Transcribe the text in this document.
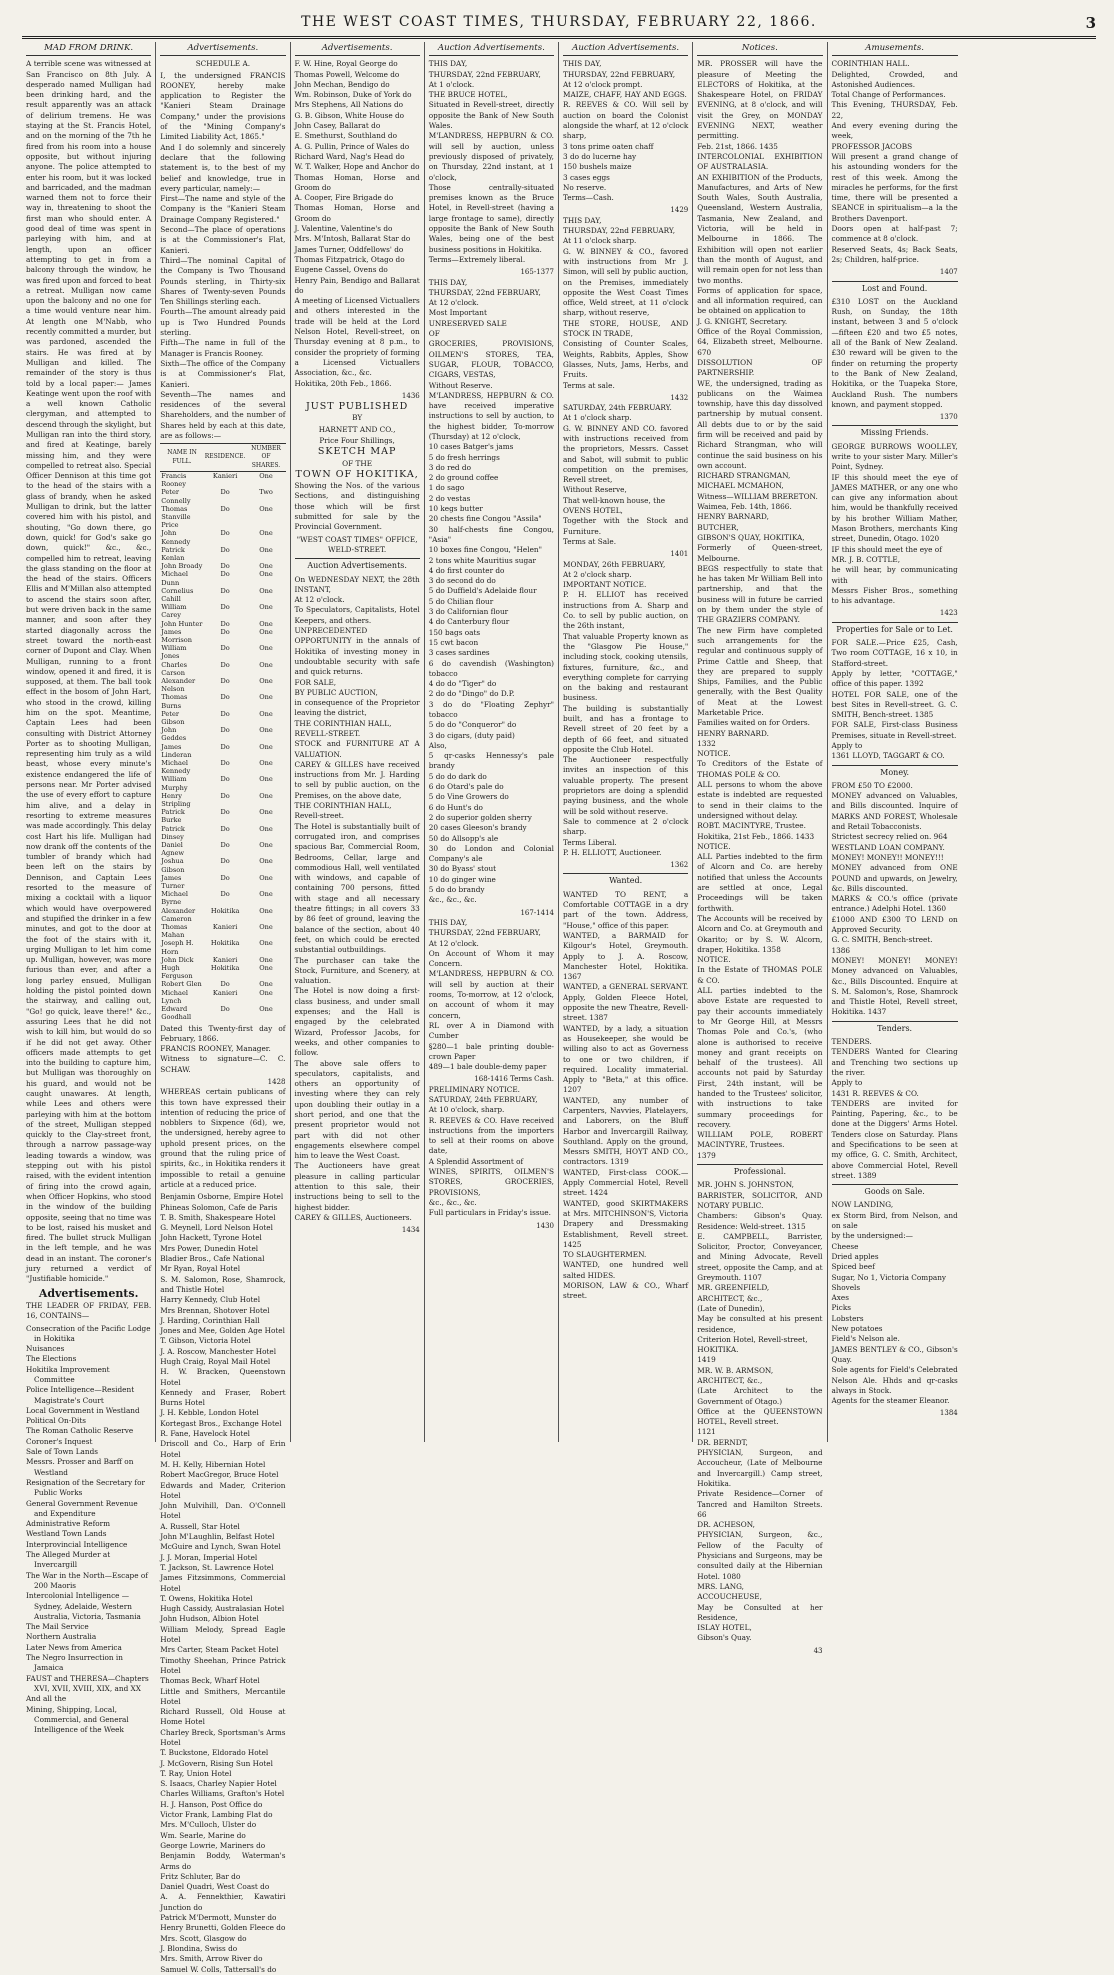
THE WEST COAST TIMES, THURSDAY, FEBRUARY 22, 1866.	3
MAD FROM DRINK.
A terrible scene was witnessed at San Francisco on 8th July. A desperado named Mulligan had been drinking hard, and the result apparently was an attack of delirium tremens. He was staying at the St. Francis Hotel, and on the morning of the 7th he fired from his room into a house opposite, but without injuring anyone. The police attempted to enter his room, but it was locked and barricaded, and the madman warned them not to force their way in, threatening to shoot the first man who should enter. A good deal of time was spent in parleying with him, and at length, upon an officer attempting to get in from a balcony through the window, he was fired upon and forced to beat a retreat. Mulligan now came upon the balcony and no one for a time would venture near him. At length one M'Nabb, who recently committed a murder, but was pardoned, ascended the stairs. He was fired at by Mulligan and killed. The remainder of the story is thus told by a local paper:— James Keatinge went upon the roof with a well known Catholic clergyman, and attempted to descend through the skylight, but Mulligan ran into the third story, and fired at Keatinge, barely missing him, and they were compelled to retreat also. Special Officer Dennison at this time got to the head of the stairs with a glass of brandy, when he asked Mulligan to drink, but the latter covered him with his pistol, and shouting, "Go down there, go down, quick! for God's sake go down, quick!" &c., &c., compelled him to retreat, leaving the glass standing on the floor at the head of the stairs. Officers Ellis and M'Millan also attempted to ascend the stairs soon after, but were driven back in the same manner, and soon after they started diagonally across the street toward the north-east corner of Dupont and Clay. When Mulligan, running to a front window, opened it and fired, it is supposed, at them. The ball took effect in the bosom of John Hart, who stood in the crowd, killing him on the spot. Meantime, Captain Lees had been consulting with District Attorney Porter as to shooting Mulligan, representing him truly as a wild beast, whose every minute's existence endangered the life of persons near. Mr Porter advised the use of every effort to capture him alive, and a delay in resorting to extreme measures was made accordingly. This delay cost Hart his life. Mulligan had now drank off the contents of the tumbler of brandy which had been left on the stairs by Dennison, and Captain Lees resorted to the measure of mixing a cocktail with a liquor which would have overpowered and stupified the drinker in a few minutes, and got to the door at the foot of the stairs with it, urging Mulligan to let him come up. Mulligan, however, was more furious than ever, and after a long parley ensued, Mulligan holding the pistol pointed down the stairway, and calling out, "Go! go quick, leave there!" &c., assuring Lees that he did not wish to kill him, but would do so if he did not get away. Other officers made attempts to get into the building to capture him, but Mulligan was thoroughly on his guard, and would not be caught unawares. At length, while Lees and others were parleying with him at the bottom of the street, Mulligan stepped quickly to the Clay-street front, through a narrow passage-way leading towards a window, was stepping out with his pistol raised, with the evident intention of firing into the crowd again, when Officer Hopkins, who stood in the window of the building opposite, seeing that no time was to be lost, raised his musket and fired. The bullet struck Mulligan in the left temple, and he was dead in an instant. The coroner's jury returned a verdict of "Justifiable homicide."
Advertisements.
THE LEADER OF FRIDAY, FEB. 16, CONTAINS—
Consecration of the Pacific Lodge in Hokitika
Nuisances
The Elections
Hokitika Improvement Committee
Police Intelligence—Resident Magistrate's Court
Local Government in Westland
Political On-Dits
The Roman Catholic Reserve
Coroner's Inquest
Sale of Town Lands
Messrs. Prosser and Barff on Westland
Resignation of the Secretary for Public Works
General Government Revenue and Expenditure
Administrative Reform
Westland Town Lands
Interprovincial Intelligence
The Alleged Murder at Invercargill
The War in the North—Escape of 200 Maoris
Intercolonial Intelligence — Sydney, Adelaide, Western Australia, Victoria, Tasmania
The Mail Service
Northern Australia
Later News from America
The Negro Insurrection in Jamaica
FAUST and THERESA—Chapters XVI, XVII, XVIII, XIX, and XX
And all the
Mining, Shipping, Local, Commercial, and General Intelligence of the Week
Advertisements.
SCHEDULE A.
I, the undersigned FRANCIS ROONEY, hereby make application to Register the "Kanieri Steam Drainage Company," under the provisions of the "Mining Company's Limited Liability Act, 1865."
And I do solemnly and sincerely declare that the following statement is, to the best of my belief and knowledge, true in every particular, namely:—
First—The name and style of the Company is the "Kanieri Steam Drainage Company Registered."
Second—The place of operations is at the Commissioner's Flat, Kanieri.
Third—The nominal Capital of the Company is Two Thousand Pounds sterling, in Thirty-six Shares of Twenty-seven Pounds Ten Shillings sterling each.
Fourth—The amount already paid up is Two Hundred Pounds sterling.
Fifth—The name in full of the Manager is Francis Rooney.
Sixth—The office of the Company is at Commissioner's Flat, Kanieri.
Seventh—The names and residences of the several Shareholders, and the number of Shares held by each at this date, are as follows:—
NAME IN FULL.	RESIDENCE.	NUMBER OF SHARES.
Francis Rooney	Kanieri	One
Peter Connelly	Do	Two
Thomas Stanville Price	Do	One
John Kennedy	Do	One
Patrick Kenlan	Do	One
John Broady	Do	One
Michael Dunn	Do	One
Cornelius Cahill	Do	One
William Carey	Do	One
John Hunter	Do	One
James Morrison	Do	One
William Jones	Do	One
Charles Carson	Do	One
Alexander Nelson	Do	One
Thomas Burns	Do	One
Peter Gibson	Do	One
John Geddes	Do	One
James Linderan	Do	One
Michael Kennedy	Do	One
William Murphy	Do	One
Henry Stripling	Do	One
Patrick Burke	Do	One
Patrick Dinsey	Do	One
Daniel Agnew	Do	One
Joshua Gibson	Do	One
James Turner	Do	One
Michael Byrne	Do	One
Alexander Cameron	Hokitika	One
Thomas Mahan	Kanieri	One
Joseph H. Horn	Hokitika	One
John Dick	Kanieri	One
Hugh Ferguson	Hokitika	One
Robert Glen	Do	One
Michael Lynch	Kanieri	One
Edward Goodhall	Do	One
Dated this Twenty-first day of February, 1866.
FRANCIS ROONEY, Manager.
Witness to signature—C. C. SCHAW.
1428
WHEREAS certain publicans of this town have expressed their intention of reducing the price of nobblers to Sixpence (6d), we, the undersigned, hereby agree to uphold present prices, on the ground that the ruling price of spirits, &c., in Hokitika renders it impossible to retail a genuine article at a reduced price.
Benjamin Osborne, Empire Hotel
Phineas Solomon, Cafe de Paris
T. B. Smith, Shakespeare Hotel
G. Meynell, Lord Nelson Hotel
John Hackett, Tyrone Hotel
Mrs Power, Dunedin Hotel
Bladier Bros., Cafe National
Mr Ryan, Royal Hotel
S. M. Salomon, Rose, Shamrock, and Thistle Hotel
Harry Kennedy, Club Hotel
Mrs Brennan, Shotover Hotel
J. Harding, Corinthian Hall
Jones and Mee, Golden Age Hotel
T. Gibson, Victoria Hotel
J. A. Roscow, Manchester Hotel
Hugh Craig, Royal Mail Hotel
H. W. Bracken, Queenstown Hotel
Kennedy and Fraser, Robert Burns Hotel
J. H. Kebble, London Hotel
Kortegast Bros., Exchange Hotel
R. Fane, Havelock Hotel
Driscoll and Co., Harp of Erin Hotel
M. H. Kelly, Hibernian Hotel
Robert MacGregor, Bruce Hotel
Edwards and Mader, Criterion Hotel
John Mulvihill, Dan. O'Connell Hotel
A. Russell, Star Hotel
John M'Laughlin, Belfast Hotel
McGuire and Lynch, Swan Hotel
J. J. Moran, Imperial Hotel
T. Jackson, St. Lawrence Hotel
James Fitzsimmons, Commercial Hotel
T. Owens, Hokitika Hotel
Hugh Cassidy, Australasian Hotel
John Hudson, Albion Hotel
William Melody, Spread Eagle Hotel
Mrs Carter, Steam Packet Hotel
Timothy Sheehan, Prince Patrick Hotel
Thomas Beck, Wharf Hotel
Little and Smithers, Mercantile Hotel
Richard Russell, Old House at Home Hotel
Charley Breck, Sportsman's Arms Hotel
T. Buckstone, Eldorado Hotel
J. McGovern, Rising Sun Hotel
T. Ray, Union Hotel
S. Isaacs, Charley Napier Hotel
Charles Williams, Grafton's Hotel
H. J. Hanson, Post Office do
Victor Frank, Lambing Flat do
Mrs. M'Culloch, Ulster do
Wm. Searle, Marine do
George Lowrie, Mariners do
Benjamin Boddy, Waterman's Arms do
Fritz Schluter, Bar do
Daniel Quadri, West Coast do
A. A. Fennekthier, Kawatiri Junction do
Patrick M'Dermott, Munster do
Henry Brunetti, Golden Fleece do
Mrs. Scott, Glasgow do
J. Blondina, Swiss do
Mrs. Smith, Arrow River do
Samuel W. Colls, Tattersall's do
Advertisements.
F. W. Hine, Royal George do
Thomas Powell, Welcome do
John Mechan, Bendigo do
Wm. Robinson, Duke of York do
Mrs Stephens, All Nations do
G. B. Gibson, White House do
John Casey, Ballarat do
E. Smethurst, Southland do
A. G. Pullin, Prince of Wales do
Richard Ward, Nag's Head do
W. T. Walker, Hope and Anchor do
Thomas Homan, Horse and Groom do
A. Cooper, Fire Brigade do
Thomas Homan, Horse and Groom do
J. Valentine, Valentine's do
Mrs. M'Intosh, Ballarat Star do
James Turner, Oddfellows' do
Thomas Fitzpatrick, Otago do
Eugene Cassel, Ovens do
Henry Pain, Bendigo and Ballarat do
A meeting of Licensed Victuallers and others interested in the trade will be held at the Lord Nelson Hotel, Revell-street, on Thursday evening at 8 p.m., to consider the propriety of forming a Licensed Victuallers Association, &c., &c.
Hokitika, 20th Feb., 1866.
1436
JUST PUBLISHED
BY
HARNETT AND CO.,
Price Four Shillings,
SKETCH MAP
OF THE
TOWN OF HOKITIKA,
Showing the Nos. of the various Sections, and distinguishing those which will be first submitted for sale by the Provincial Government.
"WEST COAST TIMES" OFFICE, WELD-STREET.
Auction Advertisements.
On WEDNESDAY NEXT, the 28th INSTANT,
At 12 o'clock.
To Speculators, Capitalists, Hotel Keepers, and others.
UNPRECEDENTED OPPORTUNITY in the annals of Hokitika of investing money in undoubtable security with safe and quick returns.
FOR SALE,
BY PUBLIC AUCTION,
in consequence of the Proprietor leaving the district,
THE CORINTHIAN HALL,
REVELL-STREET.
STOCK and FURNITURE AT A VALUATION.
CAREY & GILLES have received instructions from Mr. J. Harding to sell by public auction, on the Premises, on the above date,
THE CORINTHIAN HALL,
Revell-street.
The Hotel is substantially built of corrugated iron, and comprises spacious Bar, Commercial Room, Bedrooms, Cellar, large and commodious Hall, well ventilated with windows, and capable of containing 700 persons, fitted with stage and all necessary theatre fittings; in all covers 33 by 86 feet of ground, leaving the balance of the section, about 40 feet, on which could be erected substantial outbuildings.
The purchaser can take the Stock, Furniture, and Scenery, at valuation.
The Hotel is now doing a first-class business, and under small expenses; and the Hall is engaged by the celebrated Wizard, Professor Jacobs, for weeks, and other companies to follow.
The above sale offers to speculators, capitalists, and others an opportunity of investing where they can rely upon doubling their outlay in a short period, and one that the present proprietor would not part with did not other engagements elsewhere compel him to leave the West Coast.
The Auctioneers have great pleasure in calling particular attention to this sale, their instructions being to sell to the highest bidder.
CAREY & GILLES, Auctioneers.
1434
Auction Advertisements.
THIS DAY,
THURSDAY, 22nd FEBRUARY,
At 1 o'clock.
THE BRUCE HOTEL,
Situated in Revell-street, directly opposite the Bank of New South Wales.
M'LANDRESS, HEPBURN & CO. will sell by auction, unless previously disposed of privately, on Thursday, 22nd instant, at 1 o'clock,
Those centrally-situated premises known as the Bruce Hotel, in Revell-street (having a large frontage to same), directly opposite the Bank of New South Wales, being one of the best business positions in Hokitika.
Terms—Extremely liberal.
165-1377
THIS DAY,
THURSDAY, 22nd FEBRUARY,
At 12 o'clock.
Most Important
UNRESERVED SALE
OF
GROCERIES, PROVISIONS, OILMEN'S STORES, TEA, SUGAR, FLOUR, TOBACCO, CIGARS, VESTAS,
Without Reserve.
M'LANDRESS, HEPBURN & CO. have received imperative instructions to sell by auction, to the highest bidder, To-morrow (Thursday) at 12 o'clock,
10 cases Batger's jams
5 do fresh herrings
3 do red do
2 do ground coffee
1 do sago
2 do vestas
10 kegs butter
20 chests fine Congou "Assila"
30 half-chests fine Congou, "Asia"
10 boxes fine Congou, "Helen"
2 tons white Mauritius sugar
4 do first counter do
3 do second do do
5 do Duffield's Adelaide flour
5 do Chilian flour
3 do Californian flour
4 do Canterbury flour
150 bags oats
15 cwt bacon
3 cases sardines
6 do cavendish (Washington) tobacco
4 do do "Tiger" do
2 do do "Dingo" do D.P.
3 do do "Floating Zephyr" tobacco
5 do do "Conqueror" do
3 do cigars, (duty paid)
Also,
5 qr-casks Hennessy's pale brandy
5 do do dark do
6 do Otard's pale do
5 do Vine Growers do
6 do Hunt's do
2 do superior golden sherry
20 cases Gleeson's brandy
50 do Allsopp's ale
30 do London and Colonial Company's ale
30 do Byass' stout
10 do ginger wine
5 do do brandy
&c., &c., &c.
167-1414
THIS DAY,
THURSDAY, 22nd FEBRUARY,
At 12 o'clock.
On Account of Whom it may Concern.
M'LANDRESS, HEPBURN & CO. will sell by auction at their rooms, To-morrow, at 12 o'clock, on account of whom it may concern,
RL over A in Diamond with Cumber
§280—1 bale printing double-crown Paper
489—1 bale double-demy paper
168-1416 Terms Cash.
PRELIMINARY NOTICE.
SATURDAY, 24th FEBRUARY,
At 10 o'clock, sharp.
R. REEVES & CO. Have received instructions from the importers to sell at their rooms on above date,
A Splendid Assortment of
WINES, SPIRITS, OILMEN'S STORES, GROCERIES, PROVISIONS,
&c., &c., &c.
Full particulars in Friday's issue.
1430
Auction Advertisements.
THIS DAY,
THURSDAY, 22nd FEBRUARY,
At 12 o'clock prompt.
MAIZE, CHAFF, HAY AND EGGS.
R. REEVES & CO. Will sell by auction on board the Colonist alongside the wharf, at 12 o'clock sharp,
3 tons prime oaten chaff
3 do do lucerne hay
150 bushels maize
3 cases eggs
No reserve.
Terms—Cash.
1429
THIS DAY,
THURSDAY, 22nd FEBRUARY,
At 11 o'clock sharp.
G. W. BINNEY & CO., favored with instructions from Mr J. Simon, will sell by public auction, on the Premises, immediately opposite the West Coast Times office, Weld street, at 11 o'clock sharp, without reserve,
THE STORE, HOUSE, AND STOCK IN TRADE,
Consisting of Counter Scales, Weights, Rabbits, Apples, Show Glasses, Nuts, Jams, Herbs, and Fruits.
Terms at sale.
1432
SATURDAY, 24th FEBRUARY.
At 1 o'clock sharp.
G. W. BINNEY AND CO. favored with instructions received from the proprietors, Messrs. Casset and Sabot, will submit to public competition on the premises, Revell street,
Without Reserve,
That well-known house, the
OVENS HOTEL,
Together with the Stock and Furniture.
Terms at Sale.
1401
MONDAY, 26th FEBRUARY,
At 2 o'clock sharp.
IMPORTANT NOTICE.
P. H. ELLIOT has received instructions from A. Sharp and Co. to sell by public auction, on the 26th instant,
That valuable Property known as the "Glasgow Pie House," including stock, cooking utensils, fixtures, furniture, &c., and everything complete for carrying on the baking and restaurant business.
The building is substantially built, and has a frontage to Revell street of 20 feet by a depth of 66 feet, and situated opposite the Club Hotel.
The Auctioneer respectfully invites an inspection of this valuable property. The present proprietors are doing a splendid paying business, and the whole will be sold without reserve.
Sale to commence at 2 o'clock sharp.
Terms Liberal.
P. H. ELLIOTT, Auctioneer.
1362
Wanted.
WANTED TO RENT, a Comfortable COTTAGE in a dry part of the town. Address, "House," office of this paper.
WANTED, a BARMAID for Kilgour's Hotel, Greymouth. Apply to J. A. Roscow, Manchester Hotel, Hokitika. 1367
WANTED, a GENERAL SERVANT. Apply, Golden Fleece Hotel, opposite the new Theatre, Revell-street. 1387
WANTED, by a lady, a situation as Housekeeper, she would be willing also to act as Governess to one or two children, if required. Locality immaterial. Apply to "Beta," at this office. 1207
WANTED, any number of Carpenters, Navvies, Platelayers, and Laborers, on the Bluff Harbor and Invercargill Railway, Southland. Apply on the ground, Messrs SMITH, HOYT AND CO., contractors. 1319
WANTED, First-class COOK.—Apply Commercial Hotel, Revell street. 1424
WANTED, good SKIRTMAKERS at Mrs. MITCHINSON'S, Victoria Drapery and Dressmaking Establishment, Revell street. 1425
TO SLAUGHTERMEN.
WANTED, one hundred well salted HIDES.
MORISON, LAW & CO., Wharf street.
Notices.
MR. PROSSER will have the pleasure of Meeting the ELECTORS of Hokitika, at the Shakespeare Hotel, on FRIDAY EVENING, at 8 o'clock, and will visit the Grey, on MONDAY EVENING NEXT, weather permitting.
Feb. 21st, 1866. 1435
INTERCOLONIAL EXHIBITION OF AUSTRALASIA.
AN EXHIBITION of the Products, Manufactures, and Arts of New South Wales, South Australia, Queensland, Western Australia, Tasmania, New Zealand, and Victoria, will be held in Melbourne in 1866. The Exhibition will open not earlier than the month of August, and will remain open for not less than two months.
Forms of application for space, and all information required, can be obtained on application to
J. G. KNIGHT, Secretary.
Office of the Royal Commission, 64, Elizabeth street, Melbourne. 670
DISSOLUTION OF PARTNERSHIP.
WE, the undersigned, trading as publicans on the Waimea township, have this day dissolved partnership by mutual consent. All debts due to or by the said firm will be received and paid by Richard Strangman, who will continue the said business on his own account.
RICHARD STRANGMAN,
MICHAEL MCMAHON,
Witness—WILLIAM BRERETON.
Waimea, Feb. 14th, 1866.
HENRY BARNARD,
BUTCHER,
GIBSON'S QUAY, HOKITIKA,
Formerly of Queen-street, Melbourne.
BEGS respectfully to state that he has taken Mr William Bell into partnership, and that the business will in future be carried on by them under the style of THE GRAZIERS COMPANY.
The new Firm have completed such arrangements for the regular and continuous supply of Prime Cattle and Sheep, that they are prepared to supply Ships, Families, and the Public generally, with the Best Quality of Meat at the Lowest Marketable Price.
Families waited on for Orders.
HENRY BARNARD.
1332
NOTICE.
To Creditors of the Estate of THOMAS POLE & CO.
ALL persons to whom the above estate is indebted are requested to send in their claims to the undersigned without delay.
ROBT. MACINTYRE, Trustee.
Hokitika, 21st Feb., 1866. 1433
NOTICE.
ALL Parties indebted to the firm of Alcorn and Co. are hereby notified that unless the Accounts are settled at once, Legal Proceedings will be taken forthwith.
The Accounts will be received by Alcorn and Co. at Greymouth and Okarito; or by S. W. Alcorn, draper, Hokitika. 1358
NOTICE.
In the Estate of THOMAS POLE & CO.
ALL parties indebted to the above Estate are requested to pay their accounts immediately to Mr George Hill, at Messrs Thomas Pole and Co.'s, (who alone is authorised to receive money and grant receipts on behalf of the trustees). All accounts not paid by Saturday First, 24th instant, will be handed to the Trustees' solicitor, with instructions to take summary proceedings for recovery.
WILLIAM POLE, ROBERT MACINTYRE, Trustees.
1379
Professional.
MR. JOHN S. JOHNSTON,
BARRISTER, SOLICITOR, AND NOTARY PUBLIC.
Chambers: Gibson's Quay. Residence: Weld-street. 1315
E. CAMPBELL, Barrister, Solicitor, Proctor, Conveyancer, and Mining Advocate, Revell street, opposite the Camp, and at Greymouth. 1107
MR. GREENFIELD,
ARCHITECT, &c.,
(Late of Dunedin),
May be consulted at his present residence,
Criterion Hotel, Revell-street,
HOKITIKA.
1419
MR. W. B. ARMSON,
ARCHITECT, &c.,
(Late Architect to the Government of Otago.)
Office at the QUEENSTOWN HOTEL, Revell street.
1121
DR. BERNDT,
PHYSICIAN, Surgeon, and Accoucheur, (Late of Melbourne and Invercargill.) Camp street, Hokitika.
Private Residence—Corner of Tancred and Hamilton Streets. 66
DR. ACHESON,
PHYSICIAN, Surgeon, &c., Fellow of the Faculty of Physicians and Surgeons, may be consulted daily at the Hibernian Hotel. 1080
MRS. LANG,
ACCOUCHEUSE,
May be Consulted at her Residence,
ISLAY HOTEL,
Gibson's Quay.
43
Amusements.
CORINTHIAN HALL.
Delighted, Crowded, and Astonished Audiences.
Total Change of Performances.
This Evening, THURSDAY, Feb. 22,
And every evening during the week,
PROFESSOR JACOBS
Will present a grand change of his astounding wonders for the rest of this week. Among the miracles he performs, for the first time, there will be presented a SEANCE in spiritualism—a la the Brothers Davenport.
Doors open at half-past 7; commence at 8 o'clock.
Reserved Seats, 4s; Back Seats, 2s; Children, half-price.
1407
Lost and Found.
£310 LOST on the Auckland Rush, on Sunday, the 18th instant, between 3 and 5 o'clock—fifteen £20 and two £5 notes, all of the Bank of New Zealand. £30 reward will be given to the finder on returning the property to the Bank of New Zealand, Hokitika, or the Tuapeka Store, Auckland Rush. The numbers known, and payment stopped.
1370
Missing Friends.
GEORGE BURROWS WOOLLEY, write to your sister Mary. Miller's Point, Sydney.
IF this should meet the eye of JAMES MATHER, or any one who can give any information about him, would be thankfully received by his brother William Mather, Mason Brothers, merchants King street, Dunedin, Otago. 1020
IF this should meet the eye of
MR. J. B. COTTLE,
he will hear, by communicating with
Messrs Fisher Bros., something to his advantage.
1423
Properties for Sale or to Let.
FOR SALE.—Price £25, Cash, Two room COTTAGE, 16 x 10, in Stafford-street.
Apply by letter, "COTTAGE," office of this paper. 1392
HOTEL FOR SALE, one of the best Sites in Revell-street. G. C. SMITH, Bench-street. 1385
FOR SALE, First-class Business Premises, situate in Revell-street.
Apply to
1361 LLOYD, TAGGART & CO.
Money.
FROM £50 TO £2000.
MONEY advanced on Valuables, and Bills discounted. Inquire of MARKS AND FOREST, Wholesale and Retail Tobacconists.
Strictest secrecy relied on. 964
WESTLAND LOAN COMPANY.
MONEY! MONEY!! MONEY!!!
MONEY advanced from ONE POUND and upwards, on Jewelry, &c. Bills discounted.
MARKS & CO.'s office (private entrance.) Adelphi Hotel. 1360
£1000 AND £300 TO LEND on Approved Security.
G. C. SMITH, Bench-street.
1386
MONEY! MONEY! MONEY! Money advanced on Valuables, &c., Bills Discounted. Enquire at S. M. Salomon's, Rose, Shamrock and Thistle Hotel, Revell street, Hokitika. 1437
Tenders.
TENDERS.
TENDERS Wanted for Clearing and Trenching two sections up the river.
Apply to
1431 R. REEVES & CO.
TENDERS are invited for Painting, Papering, &c., to be done at the Diggers' Arms Hotel. Tenders close on Saturday. Plans and Specifications to be seen at my office, G. C. Smith, Architect, above Commercial Hotel, Revell street. 1389
Goods on Sale.
NOW LANDING,
ex Storm Bird, from Nelson, and on sale
by the undersigned:—
Cheese
Dried apples
Spiced beef
Sugar, No 1, Victoria Company
Shovels
Axes
Picks
Lobsters
New potatoes
Field's Nelson ale.
JAMES BENTLEY & CO., Gibson's Quay.
Sole agents for Field's Celebrated Nelson Ale. Hhds and qr-casks always in Stock.
Agents for the steamer Eleanor.
1384
